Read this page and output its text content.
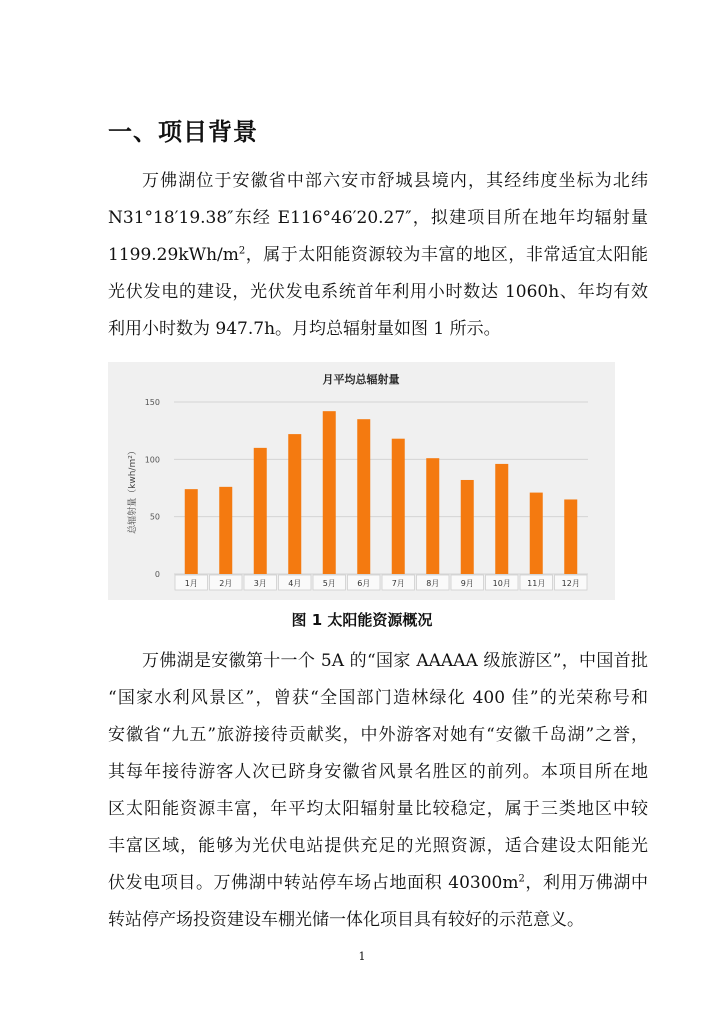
一、项目背景
万佛湖位于安徽省中部六安市舒城县境内，其经纬度坐标为北纬
N31°18′19.38″东经 E116°46′20.27″，拟建项目所在地年均辐射量
$1199.29kWh/m^2$，属于太阳能资源较为丰富的地区，非常适宜太阳能
光伏发电的建设，光伏发电系统首年利用小时数达 1060h、年均有效
利用小时数为 947.7h。月均总辐射量如图 1 所示。
月平均总辐射量
总辐射量（kwh/m²）
1月	2月	3月	4月	5月	6月	7月	8月	9月 10月 11月 12月
0
50
100
150

图 1 太阳能资源概况

万佛湖是安徽第十一个 5A 的“国家 AAAAA 级旅游区”，中国首批
“国家水利风景区”，曾获“全国部门造林绿化 400 佳”的光荣称号和
安徽省“九五”旅游接待贡献奖，中外游客对她有“安徽千岛湖”之誉，
其每年接待游客人次已跻身安徽省风景名胜区的前列。本项目所在地
区太阳能资源丰富，年平均太阳辐射量比较稳定，属于三类地区中较
丰富区域，能够为光伏电站提供充足的光照资源，适合建设太阳能光
伏发电项目。万佛湖中转站停车场占地面积 $40300m^2$，利用万佛湖中
转站停产场投资建设车棚光储一体化项目具有较好的示范意义。
1
